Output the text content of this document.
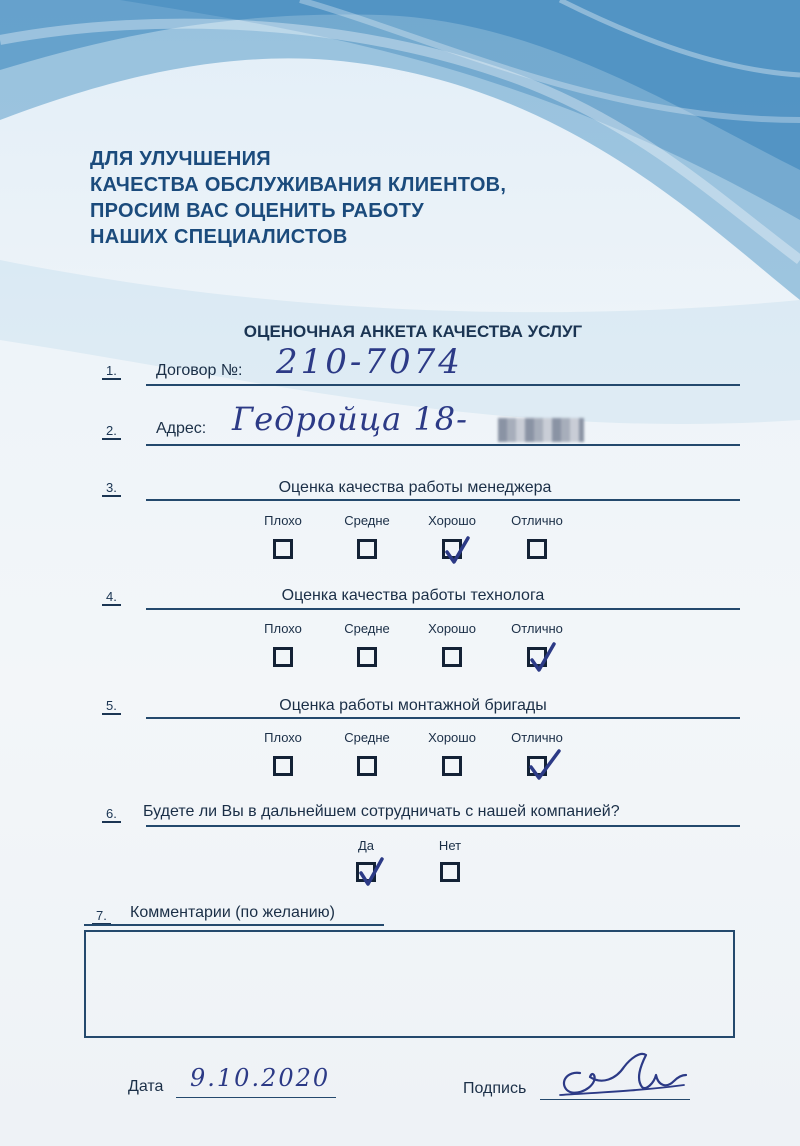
ДЛЯ УЛУЧШЕНИЯ
КАЧЕСТВА ОБСЛУЖИВАНИЯ КЛИЕНТОВ,
ПРОСИМ ВАС ОЦЕНИТЬ РАБОТУ
НАШИХ СПЕЦИАЛИСТОВ
ОЦЕНОЧНАЯ АНКЕТА КАЧЕСТВА УСЛУГ
1. Договор №: 210-7074
2. Адрес: Гедройца 18-
3.	Оценка качества работы менеджера
Плохо	Средне	Хорошо	Отлично
4.	Оценка качества работы технолога
Плохо	Средне	Хорошо	Отлично
5.	Оценка работы монтажной бригады
Плохо	Средне	Хорошо	Отлично
6. Будете ли Вы в дальнейшем сотрудничать с нашей компанией?
Да	Нет
7. Комментарии (по желанию)
Дата 9.10.2020	Подпись
